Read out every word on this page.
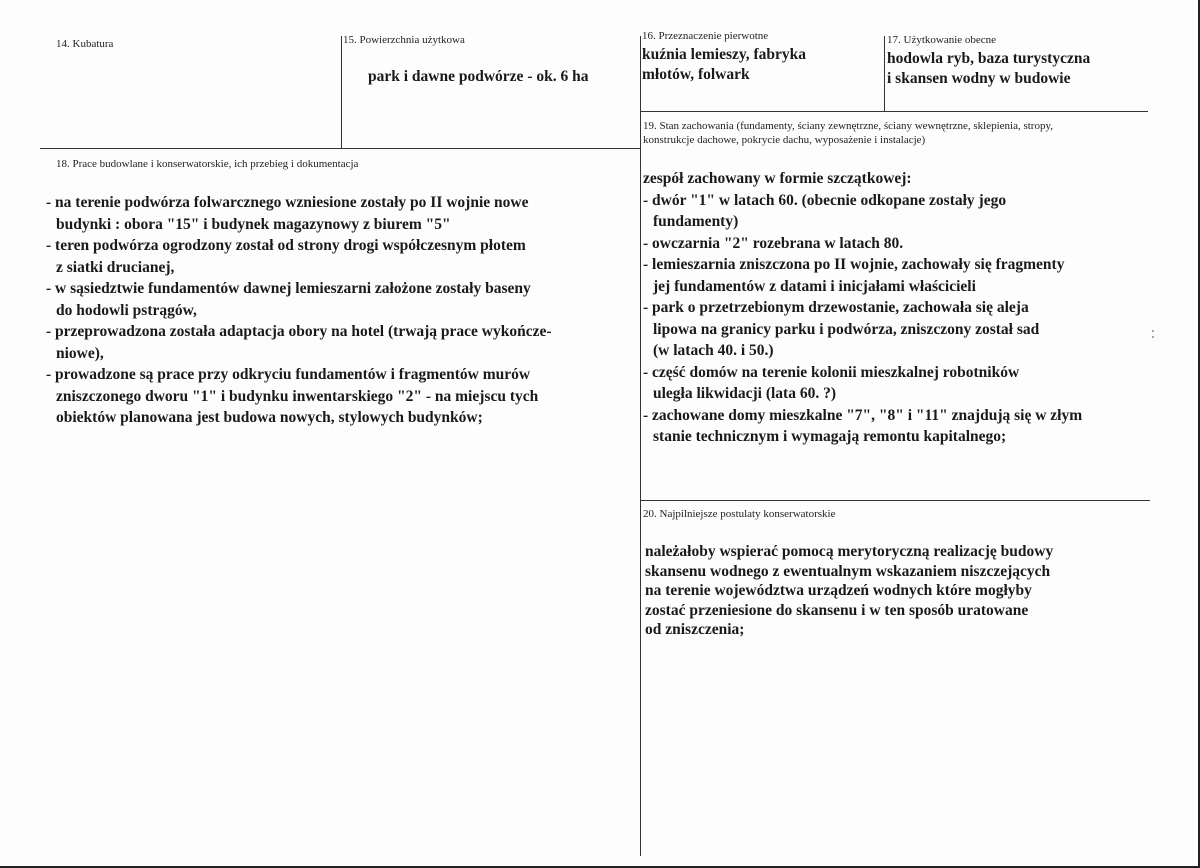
14. Kubatura	15. Powierzchnia użytkowa
park i dawne podwórze - ok. 6 ha
16. Przeznaczenie pierwotne
kuźnia lemieszy, fabryka
młotów, folwark
17. Użytkowanie obecne
hodowla ryb, baza turystyczna
i skansen wodny w budowie
18. Prace budowlane i konserwatorskie, ich przebieg i dokumentacja
- na terenie podwórza folwarcznego wzniesione zostały po II wojnie nowe
budynki : obora "15" i budynek magazynowy z biurem "5"
- teren podwórza ogrodzony został od strony drogi współczesnym płotem
z siatki drucianej,
- w sąsiedztwie fundamentów dawnej lemieszarni założone zostały baseny
do hodowli pstrągów,
- przeprowadzona została adaptacja obory na hotel (trwają prace wykończe-
niowe),
- prowadzone są prace przy odkryciu fundamentów i fragmentów murów
zniszczonego dworu "1" i budynku inwentarskiego "2" - na miejscu tych
obiektów planowana jest budowa nowych, stylowych budynków;
19. Stan zachowania (fundamenty, ściany zewnętrzne, ściany wewnętrzne, sklepienia, stropy,
konstrukcje dachowe, pokrycie dachu, wyposażenie i instalacje)
zespół zachowany w formie szczątkowej:
- dwór "1" w latach 60. (obecnie odkopane zostały jego
fundamenty)
- owczarnia "2" rozebrana w latach 80.
- lemieszarnia zniszczona po II wojnie, zachowały się fragmenty
jej fundamentów z datami i inicjałami właścicieli
- park o przetrzebionym drzewostanie, zachowała się aleja
lipowa na granicy parku i podwórza, zniszczony został sad
(w latach 40. i 50.)
- część domów na terenie kolonii mieszkalnej robotników
uległa likwidacji (lata 60. ?)
- zachowane domy mieszkalne "7", "8" i "11" znajdują się w złym
stanie technicznym i wymagają remontu kapitalnego;
20. Najpilniejsze postulaty konserwatorskie
należałoby wspierać pomocą merytoryczną realizację budowy
skansenu wodnego z ewentualnym wskazaniem niszczejących
na terenie województwa urządzeń wodnych które mogłyby
zostać przeniesione do skansenu i w ten sposób uratowane
od zniszczenia;
